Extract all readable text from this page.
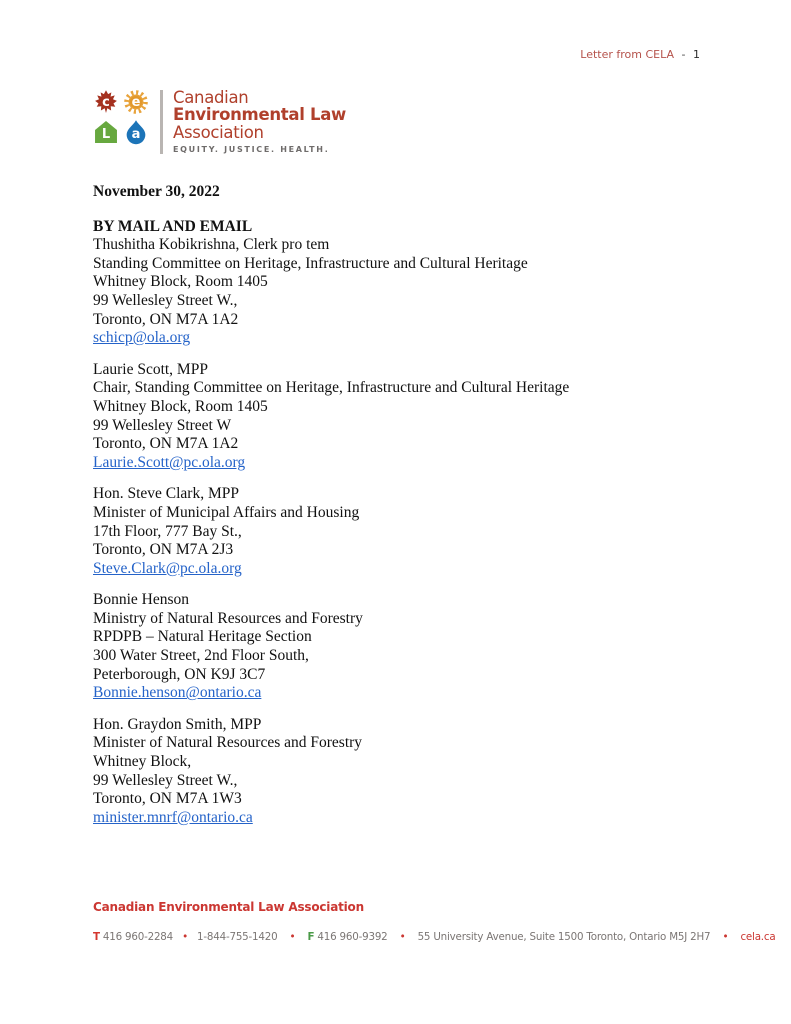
Letter from CELA - 1
c	e
L	a
Canadian
Environmental Law
Association
EQUITY. JUSTICE. HEALTH.
November 30, 2022
BY MAIL AND EMAIL
Thushitha Kobikrishna, Clerk pro tem
Standing Committee on Heritage, Infrastructure and Cultural Heritage
Whitney Block, Room 1405
99 Wellesley Street W.,
Toronto, ON M7A 1A2
schicp@ola.org
Laurie Scott, MPP
Chair, Standing Committee on Heritage, Infrastructure and Cultural Heritage
Whitney Block, Room 1405
99 Wellesley Street W
Toronto, ON M7A 1A2
Laurie.Scott@pc.ola.org
Hon. Steve Clark, MPP
Minister of Municipal Affairs and Housing
17th Floor, 777 Bay St.,
Toronto, ON M7A 2J3
Steve.Clark@pc.ola.org
Bonnie Henson
Ministry of Natural Resources and Forestry
RPDPB – Natural Heritage Section
300 Water Street, 2nd Floor South,
Peterborough, ON K9J 3C7
Bonnie.henson@ontario.ca
Hon. Graydon Smith, MPP
Minister of Natural Resources and Forestry
Whitney Block,
99 Wellesley Street W.,
Toronto, ON M7A 1W3
minister.mnrf@ontario.ca
Canadian Environmental Law Association
T 416 960-2284 • 1-844-755-1420 • F 416 960-9392 • 55 University Avenue, Suite 1500 Toronto, Ontario M5J 2H7 • cela.ca
